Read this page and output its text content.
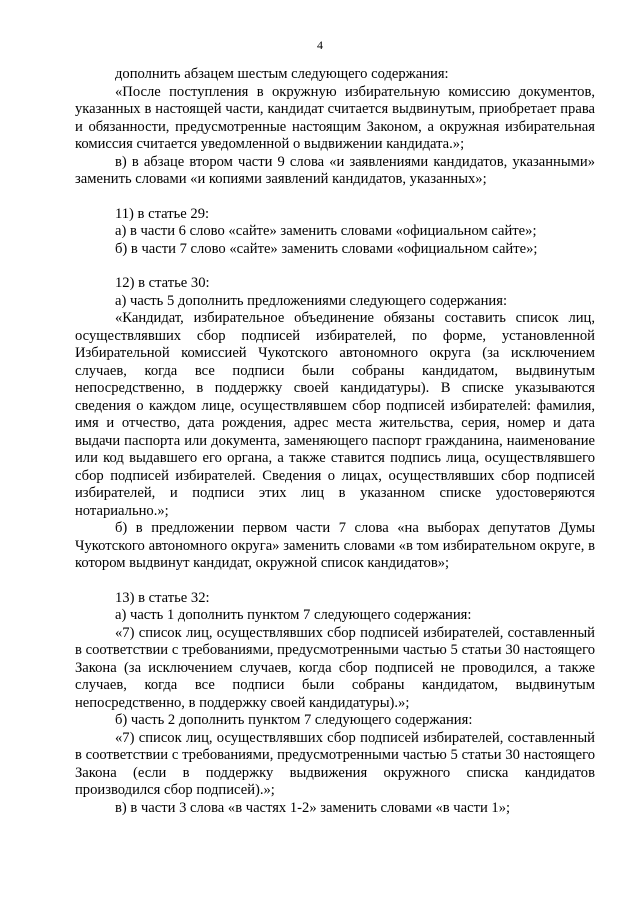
4

дополнить абзацем шестым следующего содержания:

«После поступления в окружную избирательную комиссию документов, указанных в настоящей части, кандидат считается выдвинутым, приобретает права и обязанности, предусмотренные настоящим Законом, а окружная избирательная комиссия считается уведомленной о выдвижении кандидата.»;

в) в абзаце втором части 9 слова «и заявлениями кандидатов, указанными» заменить словами «и копиями заявлений кандидатов, указанных»;

11) в статье 29:

а) в части 6 слово «сайте» заменить словами «официальном сайте»;

б) в части 7 слово «сайте» заменить словами «официальном сайте»;

12) в статье 30:

а) часть 5 дополнить предложениями следующего содержания:

«Кандидат, избирательное объединение обязаны составить список лиц, осуществлявших сбор подписей избирателей, по форме, установленной Избирательной комиссией Чукотского автономного округа (за исключением случаев, когда все подписи были собраны кандидатом, выдвинутым непосредственно, в поддержку своей кандидатуры). В списке указываются сведения о каждом лице, осуществлявшем сбор подписей избирателей: фамилия, имя и отчество, дата рождения, адрес места жительства, серия, номер и дата выдачи паспорта или документа, заменяющего паспорт гражданина, наименование или код выдавшего его органа, а также ставится подпись лица, осуществлявшего сбор подписей избирателей. Сведения о лицах, осуществлявших сбор подписей избирателей, и подписи этих лиц в указанном списке удостоверяются нотариально.»;

б) в предложении первом части 7 слова «на выборах депутатов Думы Чукотского автономного округа» заменить словами «в том избирательном округе, в котором выдвинут кандидат, окружной список кандидатов»;

13) в статье 32:

а) часть 1 дополнить пунктом 7 следующего содержания:

«7) список лиц, осуществлявших сбор подписей избирателей, составленный в соответствии с требованиями, предусмотренными частью 5 статьи 30 настоящего Закона (за исключением случаев, когда сбор подписей не проводился, а также случаев, когда все подписи были собраны кандидатом, выдвинутым непосредственно, в поддержку своей кандидатуры).»;

б) часть 2 дополнить пунктом 7 следующего содержания:

«7) список лиц, осуществлявших сбор подписей избирателей, составленный в соответствии с требованиями, предусмотренными частью 5 статьи 30 настоящего Закона (если в поддержку выдвижения окружного списка кандидатов производился сбор подписей).»;

в) в части 3 слова «в частях 1-2» заменить словами «в части 1»;
